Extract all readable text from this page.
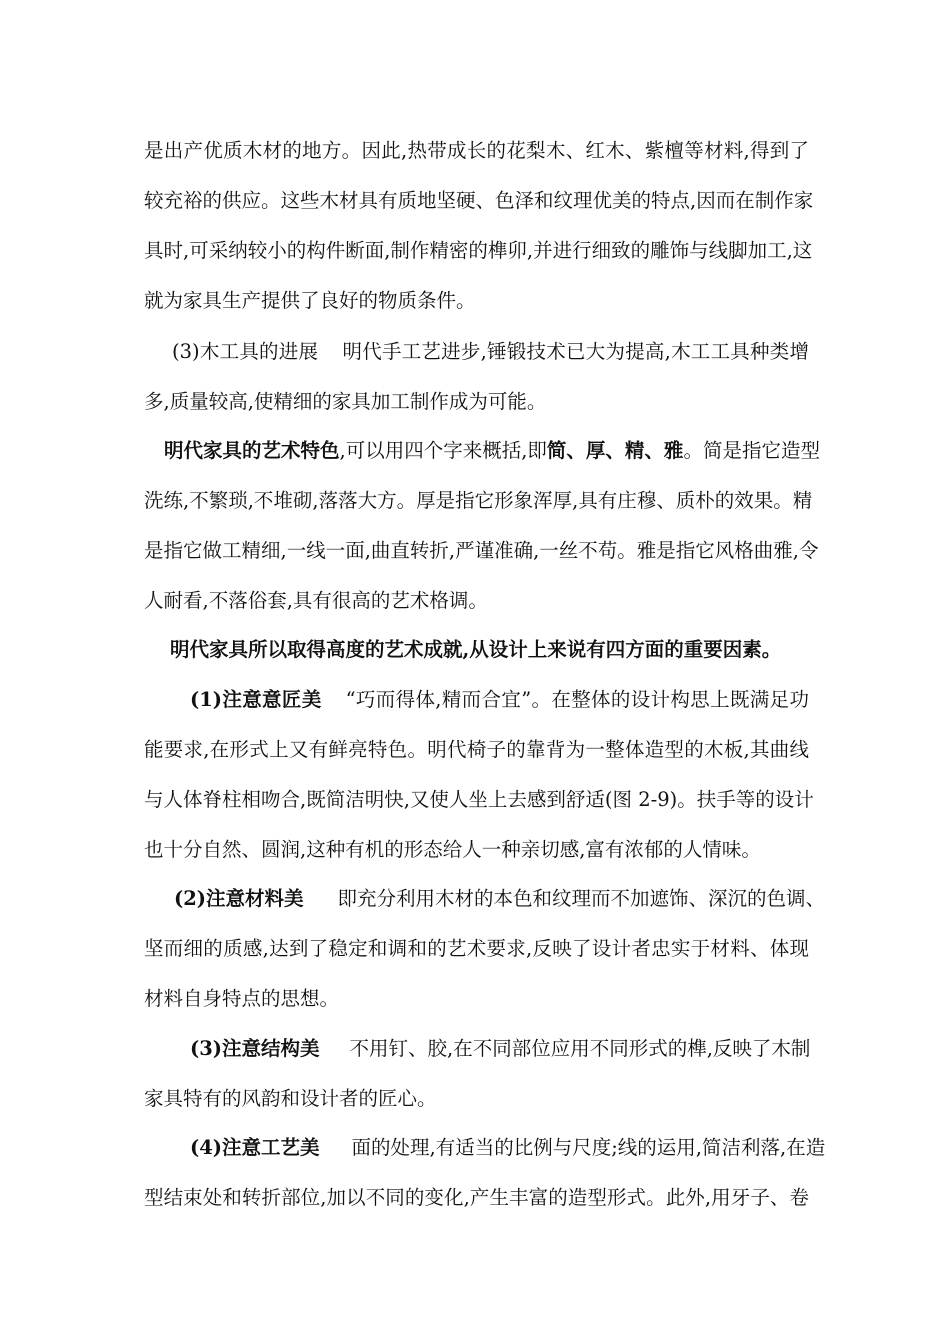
是出产优质木材的地方。因此,热带成长的花梨木、红木、紫檀等材料,得到了
较充裕的供应。这些木材具有质地坚硬、色泽和纹理优美的特点,因而在制作家
具时,可采纳较小的构件断面,制作精密的榫卯,并进行细致的雕饰与线脚加工,这
就为家具生产提供了良好的物质条件。
(3)木工具的进展 明代手工艺进步,锤锻技术已大为提高,木工工具种类增
多,质量较高,使精细的家具加工制作成为可能。
明代家具的艺术特色,可以用四个字来概括,即简、厚、精、雅。简是指它造型
洗练,不繁琐,不堆砌,落落大方。厚是指它形象浑厚,具有庄穆、质朴的效果。精
是指它做工精细,一线一面,曲直转折,严谨准确,一丝不苟。雅是指它风格曲雅,令
人耐看,不落俗套,具有很高的艺术格调。
明代家具所以取得高度的艺术成就,从设计上来说有四方面的重要因素。
(1)注意意匠美 “巧而得体,精而合宜”。在整体的设计构思上既满足功
能要求,在形式上又有鲜亮特色。明代椅子的靠背为一整体造型的木板,其曲线
与人体脊柱相吻合,既简洁明快,又使人坐上去感到舒适(图 2-9)。扶手等的设计
也十分自然、圆润,这种有机的形态给人一种亲切感,富有浓郁的人情味。
(2)注意材料美 即充分利用木材的本色和纹理而不加遮饰、深沉的色调、
坚而细的质感,达到了稳定和调和的艺术要求,反映了设计者忠实于材料、体现
材料自身特点的思想。
(3)注意结构美 不用钉、胶,在不同部位应用不同形式的榫,反映了木制
家具特有的风韵和设计者的匠心。
(4)注意工艺美 面的处理,有适当的比例与尺度;线的运用,简洁利落,在造
型结束处和转折部位,加以不同的变化,产生丰富的造型形式。此外,用牙子、卷
